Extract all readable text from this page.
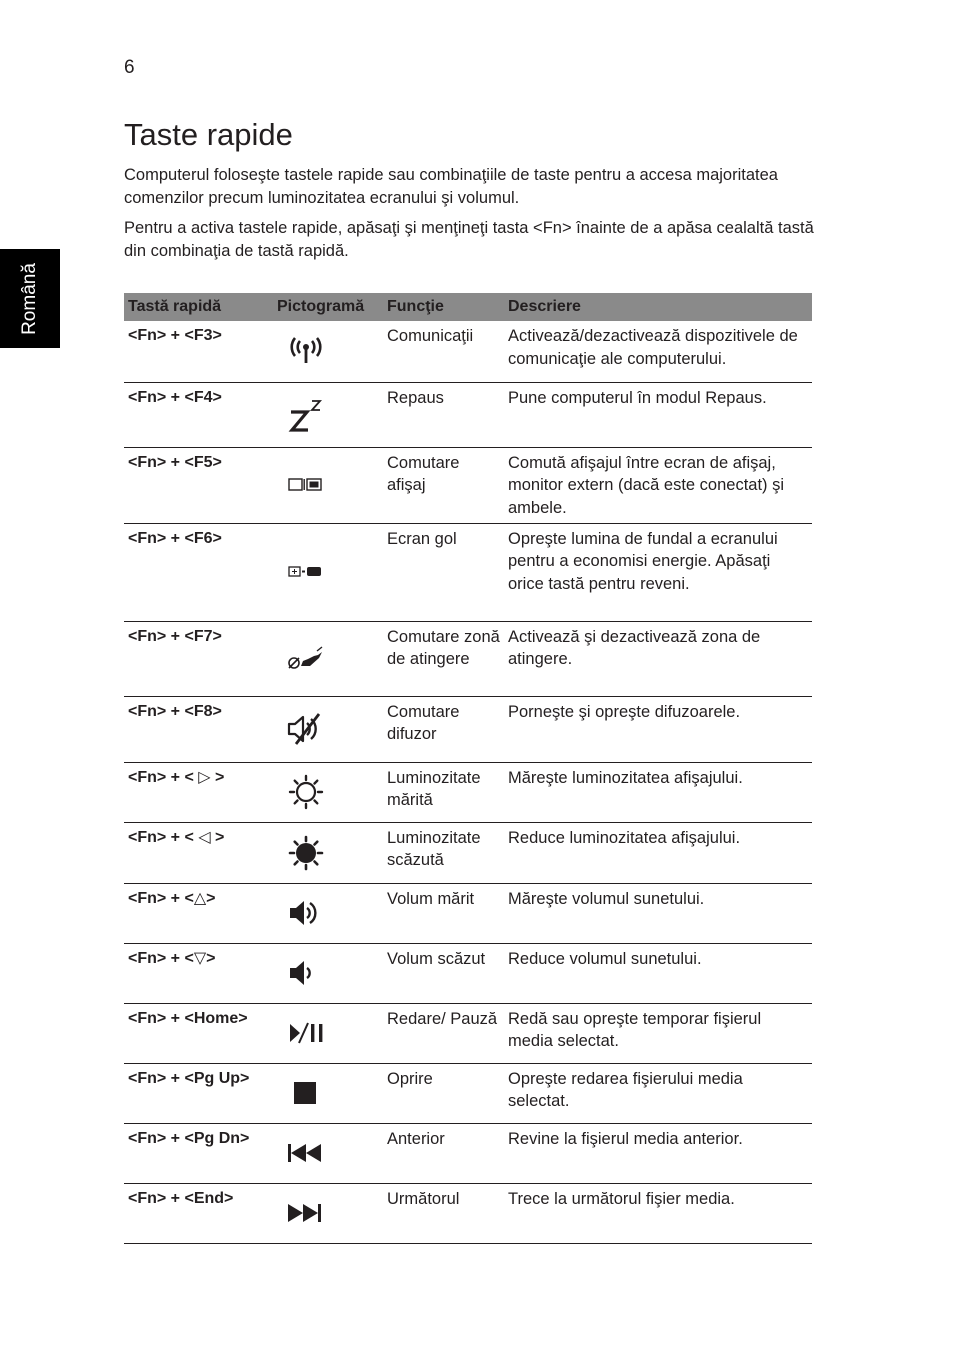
6
Română
Taste rapide

Computerul foloseşte tastele rapide sau combinaţiile de taste pentru a accesa majoritatea comenzilor precum luminozitatea ecranului şi volumul.

Pentru a activa tastele rapide, apăsaţi şi menţineţi tasta <Fn> înainte de a apăsa cealaltă tastă din combinaţia de tastă rapidă.

Tastă rapidă	Pictogramă	Funcţie	Descriere
<Fn> + <F3>		Comunicaţii	Activează/dezactivează dispozitivele de comunicaţie ale computerului.
<Fn> + <F4>		Repaus	Pune computerul în modul Repaus.
<Fn> + <F5>		Comutare afişaj	Comută afişajul între ecran de afişaj, monitor extern (dacă este conectat) şi ambele.
<Fn> + <F6>		Ecran gol	Opreşte lumina de fundal a ecranului pentru a economisi energie. Apăsaţi orice tastă pentru reveni.
<Fn> + <F7>		Comutare zonă de atingere	Activează şi dezactivează zona de atingere.
<Fn> + <F8>		Comutare difuzor	Porneşte şi opreşte difuzoarele.
<Fn> + < ▷ >		Luminozitate mărită	Măreşte luminozitatea afişajului.
<Fn> + < ◁ >		Luminozitate scăzută	Reduce luminozitatea afişajului.
<Fn> + <△>		Volum mărit	Măreşte volumul sunetului.
<Fn> + <▽>		Volum scăzut	Reduce volumul sunetului.
<Fn> + <Home>		Redare/ Pauză	Redă sau opreşte temporar fişierul media selectat.
<Fn> + <Pg Up>		Oprire	Opreşte redarea fişierului media selectat.
<Fn> + <Pg Dn>		Anterior	Revine la fişierul media anterior.
<Fn> + <End>		Următorul	Trece la următorul fişier media.
